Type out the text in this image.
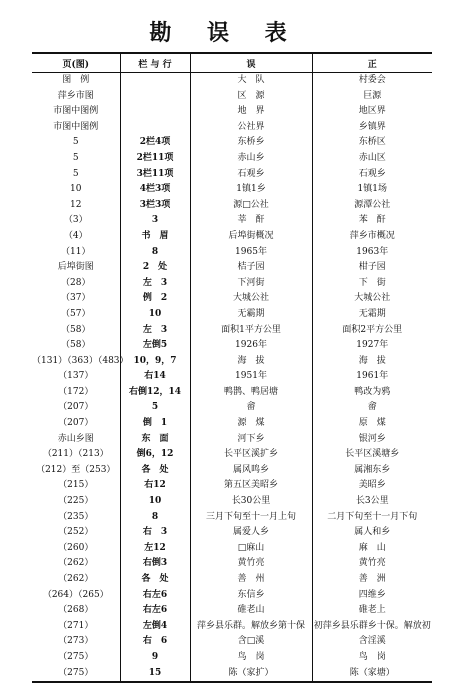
勘 误 表
页(图)	栏 与 行	误	正
图　例		大　队	村委会
萍乡市图		区　源	巨源
市图中图例		地　界	地区界
市图中图例		公社界	乡镇界
5	2栏4项	东桥乡	东桥区
5	2栏11项	赤山乡	赤山区
5	3栏11项	石观乡	石观乡
10	4栏3项	1镇1乡	1镇1场
12	3栏3项	源□公社	源潭公社
（3）	3	莘　酐	苯　酐
（4）	书　眉	后埠街概况	萍乡市概况
（11）	8	1965年	1963年
后埠街图	2　处	桔子园	柑子园
（28）	左　3	下河街	下　街
（37）	例　2	大城公社	大城公社
（57）	10	无霸期	无霜期
（58）	左　3	面积1平方公里	面积2平方公里
（58）	左倒5	1926年	1927年
（131）（363）（483）	10，9，7	海　拔	海　拔
（137）	右14	1951年	1961年
（172）	右倒12，14	鸭鹊、鸭居塘	鸭改为鸦
（207）	5	畲	畲
（207）	倒　1	源　煤	原　煤
赤山乡图	东　面	河下乡	银河乡
（211）（213）	倒6，12	长平区溪扩乡	长平区溪塘乡
（212）至（253）	各　处	属风鸣乡	属湘东乡
（215）	右12	第五区美昭乡	美昭乡
（225）	10	长30公里	长3公里
（235）	8	三月下旬至十一月上旬	二月下旬至十一月下旬
（252）	右　3	属爱人乡	属人和乡
（260）	左12	□麻山	麻　山
（262）	右倒3	黄竹亮	黄竹亮
（262）	各　处	善　州	善　洲
（264）（265）	右左6	东信乡	四维乡
（268）	右左6	碓老山	碓老上
（271）	左倒4	萍乡县乐群。解放乡第十保	初萍乡县乐群乡十保。解放初
（273）	右　6	含□溪	含淫溪
（275）	9	鸟　岗	鸟　岗
（275）	15	陈（家扩）	陈（家塘）
